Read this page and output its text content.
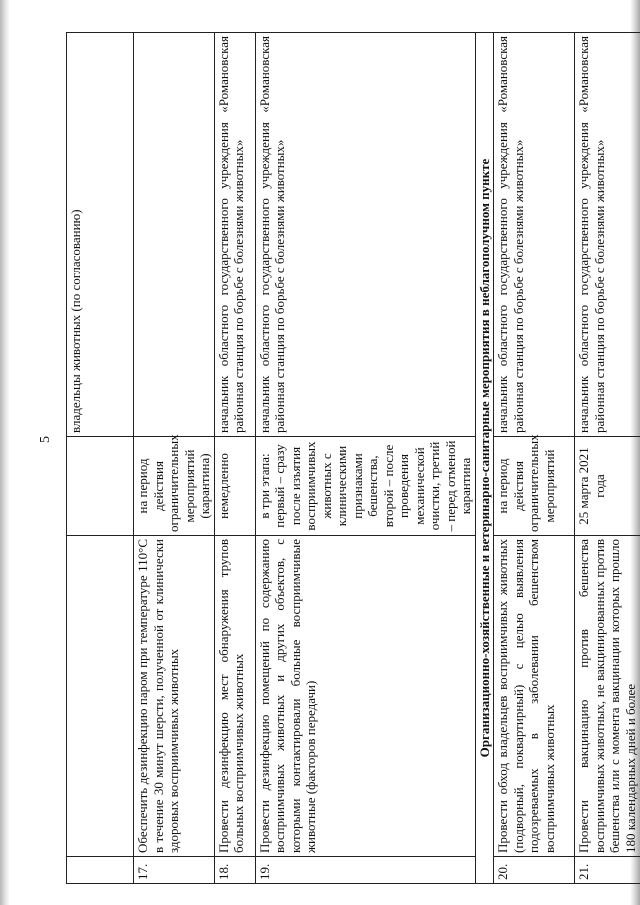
5
			владельцы животных (по согласованию)
17.	Обеспечить дезинфекцию паром при температуре 110°С в течение 30 минут шерсти, полученной от клинически здоровых восприимчивых животных	на период действия ограничительных мероприятий (карантина)	
18.	Провести дезинфекцию мест обнаружения трупов больных восприимчивых животных	немедленно	начальник областного государственного учреждения «Романовская районная станция по борьбе с болезнями животных»
19.	Провести дезинфекцию помещений по содержанию восприимчивых животных и других объектов, с которыми контактировали больные восприимчивые животные (факторов передачи)	в три этапа: первый – сразу после изъятия восприимчивых животных с клиническими признаками бешенства, второй – после проведения механической очистки, третий – перед отменой карантина	начальник областного государственного учреждения «Романовская районная станция по борьбе с болезнями животных»
Организационно-хозяйственные и ветеринарно-санитарные мероприятия в неблагополучном пункте			
20.	Провести обход владельцев восприимчивых животных (подворный, поквартирный) с целью выявления подозреваемых в заболевании бешенством восприимчивых животных	на период действия ограничительных мероприятий	начальник областного государственного учреждения «Романовская районная станция по борьбе с болезнями животных»
21.	Провести вакцинацию против бешенства восприимчивых животных, не вакцинированных против бешенства или с момента вакцинации которых прошло 180 календарных дней и более	25 марта 2021 года	начальник областного государственного учреждения «Романовская районная станция по борьбе с болезнями животных»
